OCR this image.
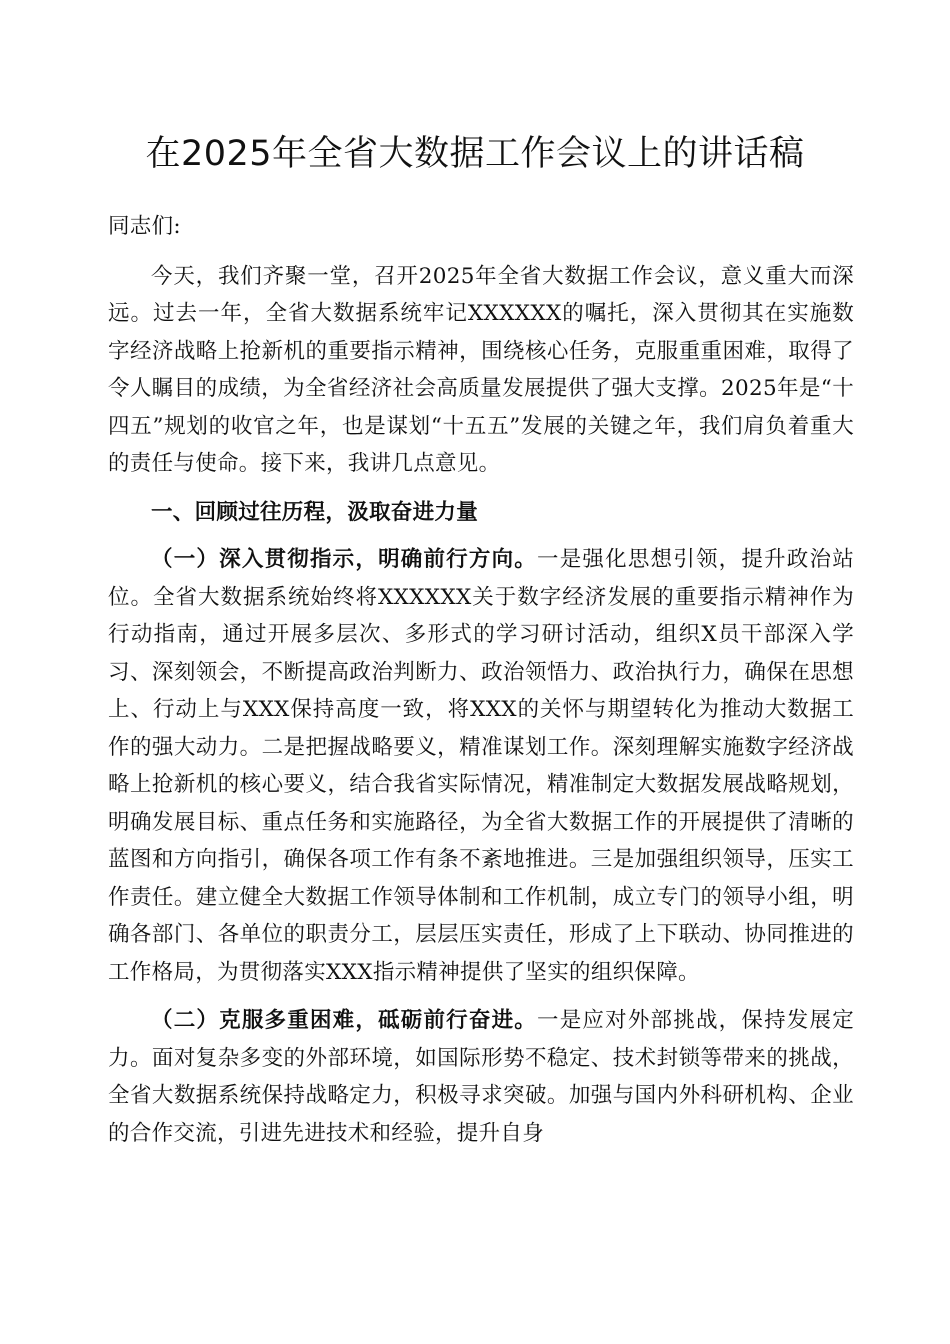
在2025年全省大数据工作会议上的讲话稿

同志们:

今天，我们齐聚一堂，召开2025年全省大数据工作会议，意义重大而深远。过去一年，全省大数据系统牢记XXXXXX的嘱托，深入贯彻其在实施数字经济战略上抢新机的重要指示精神，围绕核心任务，克服重重困难，取得了令人瞩目的成绩，为全省经济社会高质量发展提供了强大支撑。2025年是“十四五”规划的收官之年，也是谋划“十五五”发展的关键之年，我们肩负着重大的责任与使命。接下来，我讲几点意见。

一、回顾过往历程，汲取奋进力量

（一）深入贯彻指示，明确前行方向。一是强化思想引领，提升政治站位。全省大数据系统始终将XXXXXX关于数字经济发展的重要指示精神作为行动指南，通过开展多层次、多形式的学习研讨活动，组织X员干部深入学习、深刻领会，不断提高政治判断力、政治领悟力、政治执行力，确保在思想上、行动上与XXX保持高度一致，将XXX的关怀与期望转化为推动大数据工作的强大动力。二是把握战略要义，精准谋划工作。深刻理解实施数字经济战略上抢新机的核心要义，结合我省实际情况，精准制定大数据发展战略规划，明确发展目标、重点任务和实施路径，为全省大数据工作的开展提供了清晰的蓝图和方向指引，确保各项工作有条不紊地推进。三是加强组织领导，压实工作责任。建立健全大数据工作领导体制和工作机制，成立专门的领导小组，明确各部门、各单位的职责分工，层层压实责任，形成了上下联动、协同推进的工作格局，为贯彻落实XXX指示精神提供了坚实的组织保障。

（二）克服多重困难，砥砺前行奋进。一是应对外部挑战，保持发展定力。面对复杂多变的外部环境，如国际形势不稳定、技术封锁等带来的挑战，全省大数据系统保持战略定力，积极寻求突破。加强与国内外科研机构、企业的合作交流，引进先进技术和经验，提升自身
